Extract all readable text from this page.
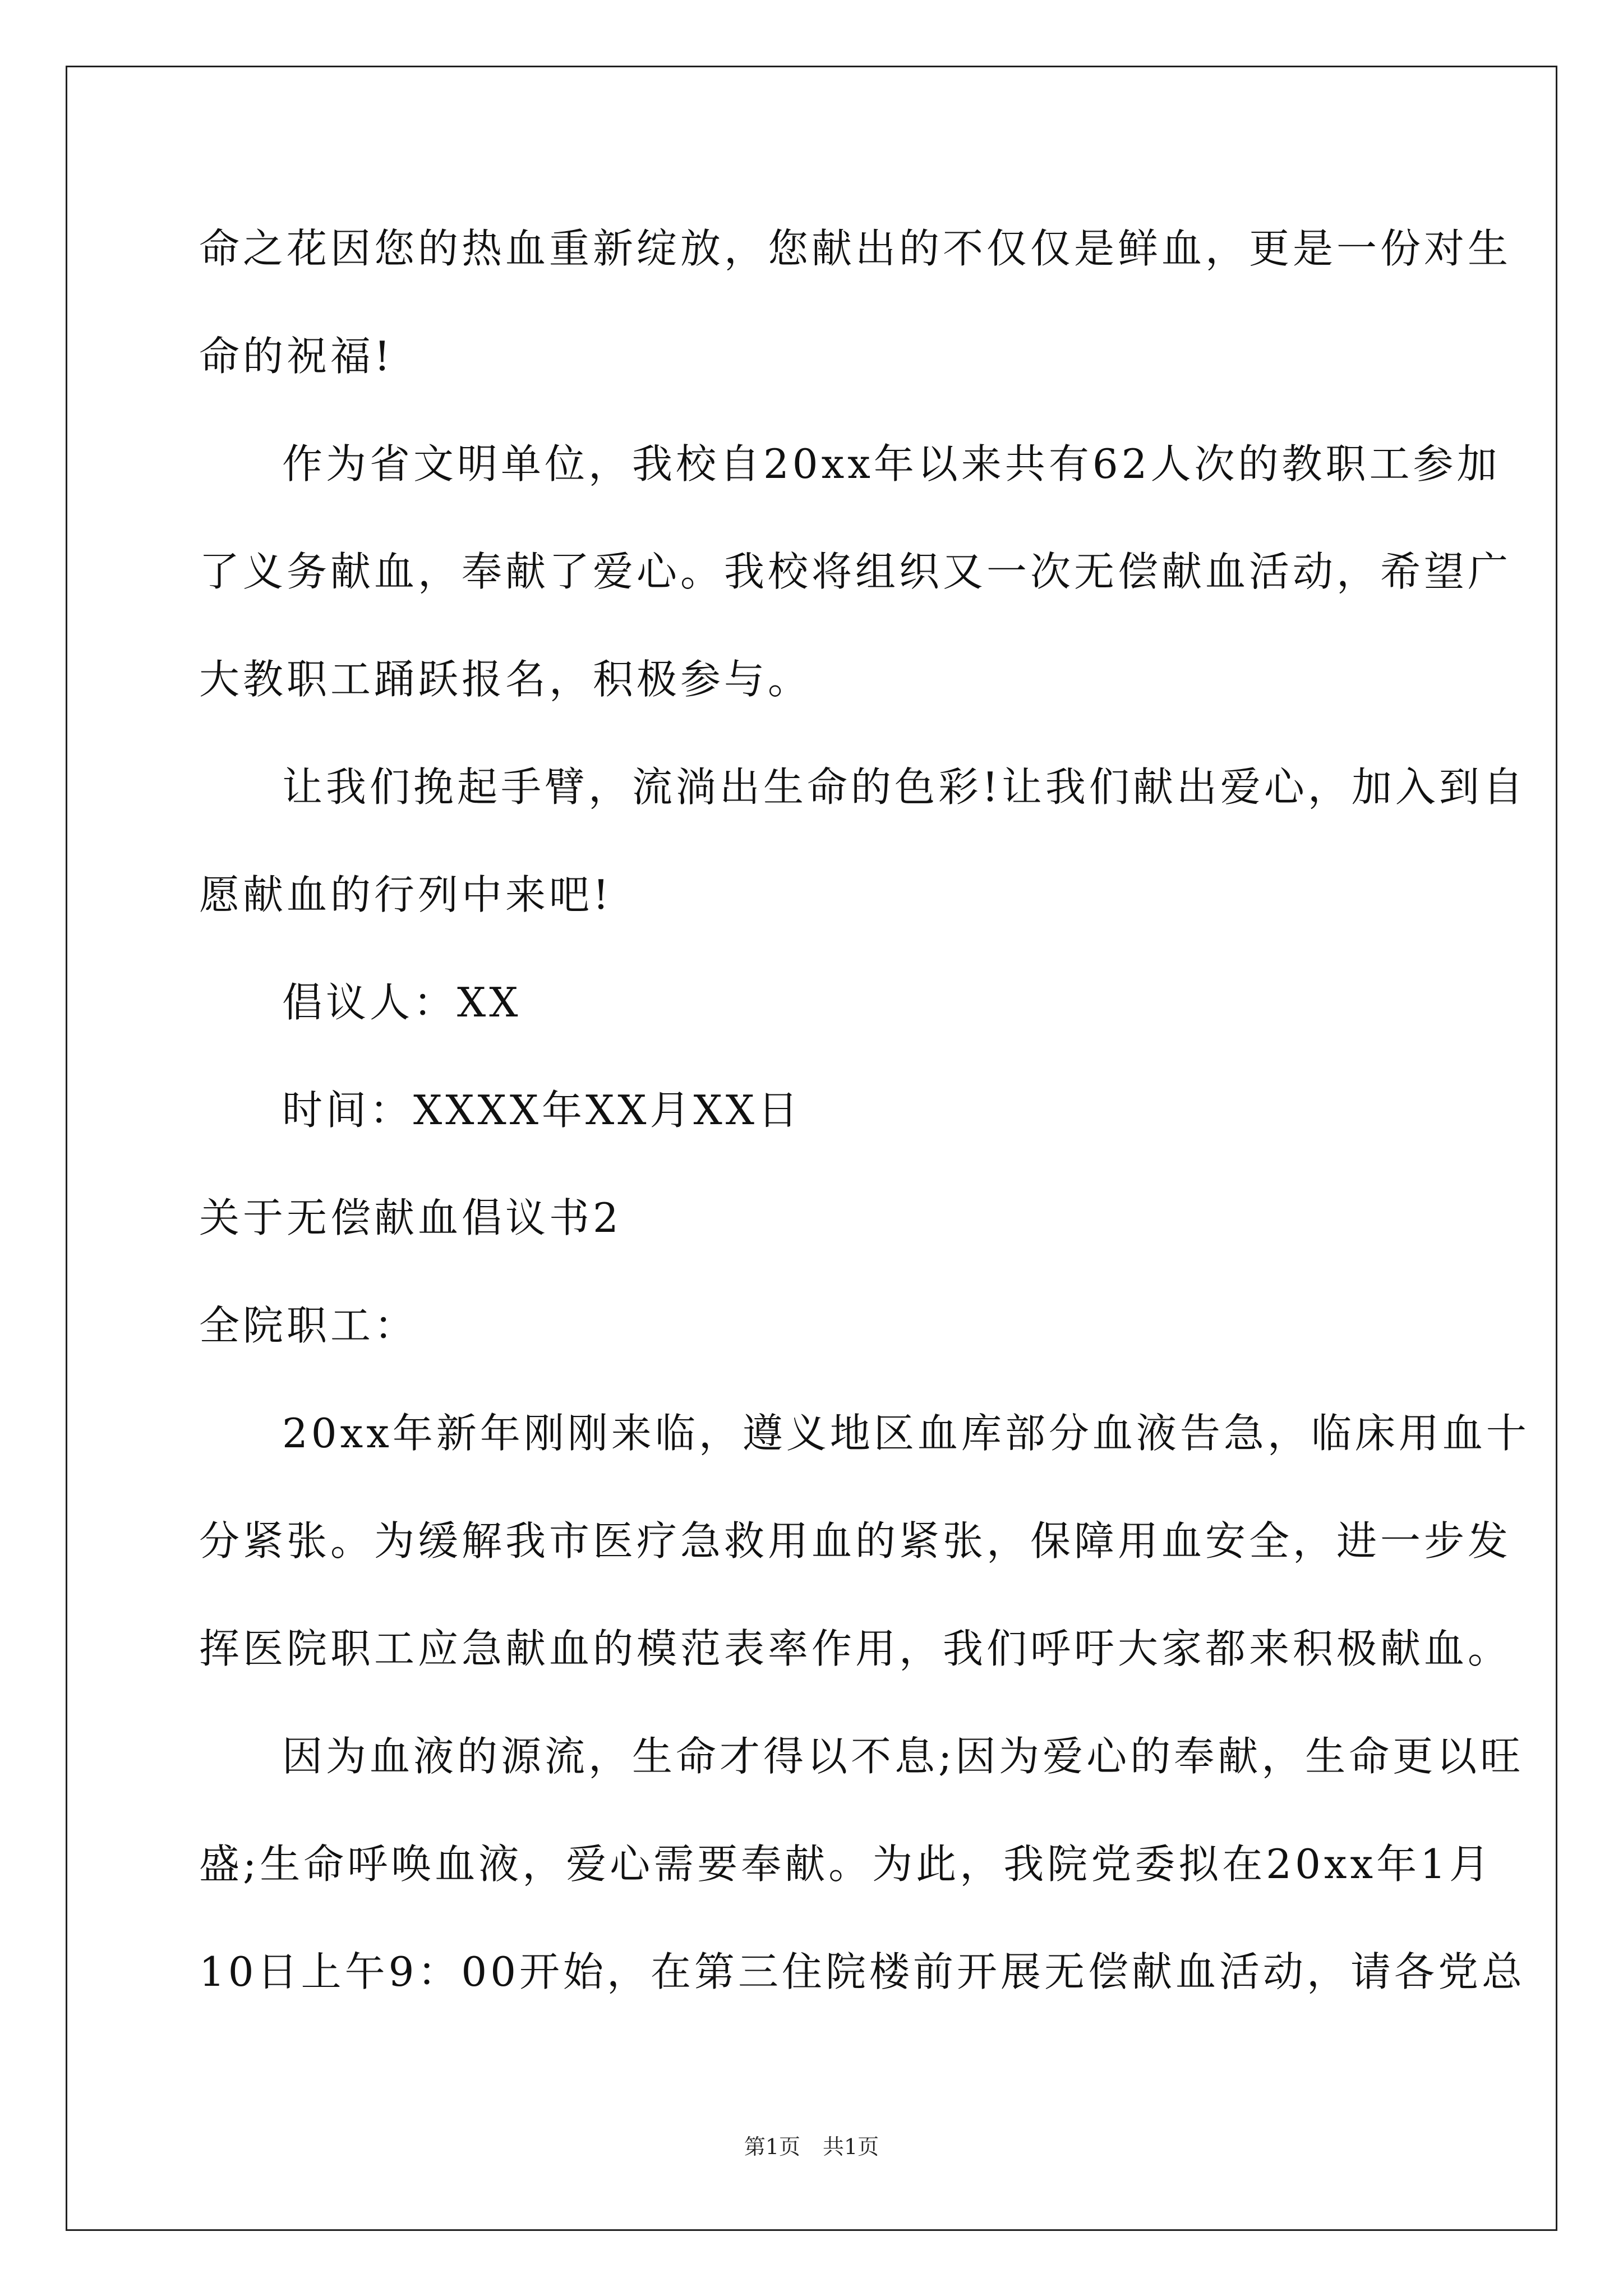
命之花因您的热血重新绽放，您献出的不仅仅是鲜血，更是一份对生
命的祝福!
作为省文明单位，我校自20xx年以来共有62人次的教职工参加
了义务献血，奉献了爱心。我校将组织又一次无偿献血活动，希望广
大教职工踊跃报名，积极参与。
让我们挽起手臂，流淌出生命的色彩!让我们献出爱心，加入到自
愿献血的行列中来吧!
倡议人：XX
时间：XXXX年XX月XX日
关于无偿献血倡议书2
全院职工：
20xx年新年刚刚来临，遵义地区血库部分血液告急，临床用血十
分紧张。为缓解我市医疗急救用血的紧张，保障用血安全，进一步发
挥医院职工应急献血的模范表率作用，我们呼吁大家都来积极献血。
因为血液的源流，生命才得以不息;因为爱心的奉献，生命更以旺
盛;生命呼唤血液，爱心需要奉献。为此，我院党委拟在20xx年1月
10日上午9：00开始，在第三住院楼前开展无偿献血活动，请各党总
第1页 共1页
